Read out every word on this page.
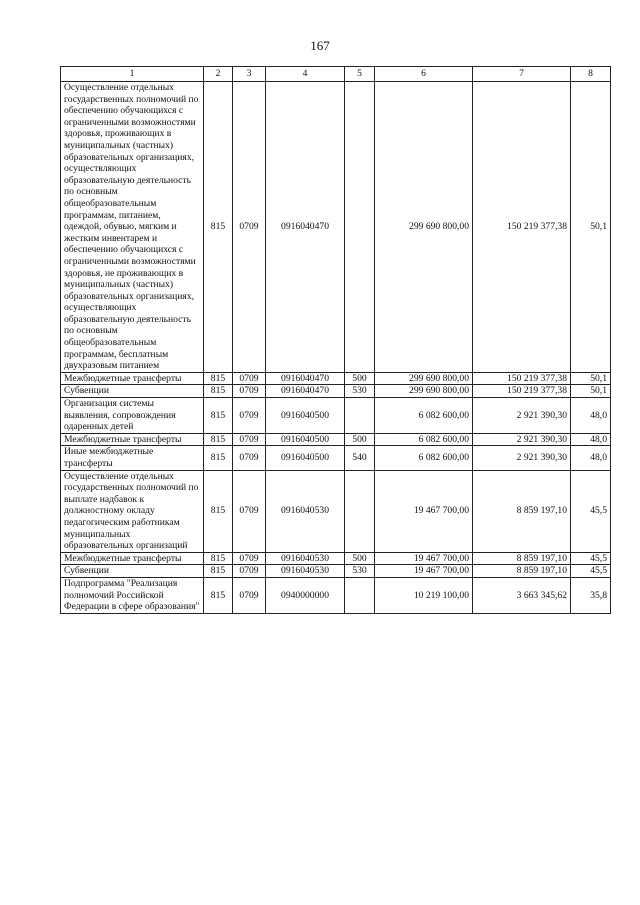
167
1	2	3	4	5	6	7	8
Осуществление отдельных государственных полномочий по обеспечению обучающихся с ограниченными возможностями здоровья, проживающих в муниципальных (частных) образовательных организациях, осуществляющих образовательную деятельность по основным общеобразовательным программам, питанием, одеждой, обувью, мягким и жестким инвентарем и обеспечению обучающихся с ограниченными возможностями здоровья, не проживающих в муниципальных (частных) образовательных организациях, осуществляющих образовательную деятельность по основным общеобразовательным программам, бесплатным двухразовым питанием	815	0709	0916040470		299 690 800,00	150 219 377,38	50,1
Межбюджетные трансферты	815	0709	0916040470	500	299 690 800,00	150 219 377,38	50,1
Субвенции	815	0709	0916040470	530	299 690 800,00	150 219 377,38	50,1
Организация системы выявления, сопровождения одаренных детей	815	0709	0916040500		6 082 600,00	2 921 390,30	48,0
Межбюджетные трансферты	815	0709	0916040500	500	6 082 600,00	2 921 390,30	48,0
Иные межбюджетные трансферты	815	0709	0916040500	540	6 082 600,00	2 921 390,30	48,0
Осуществление отдельных государственных полномочий по выплате надбавок к должностному окладу педагогическим работникам муниципальных образовательных организаций	815	0709	0916040530		19 467 700,00	8 859 197,10	45,5
Межбюджетные трансферты	815	0709	0916040530	500	19 467 700,00	8 859 197,10	45,5
Субвенции	815	0709	0916040530	530	19 467 700,00	8 859 197,10	45,5
Подпрограмма "Реализация полномочий Российской Федерации в сфере образования"	815	0709	0940000000		10 219 100,00	3 663 345,62	35,8
